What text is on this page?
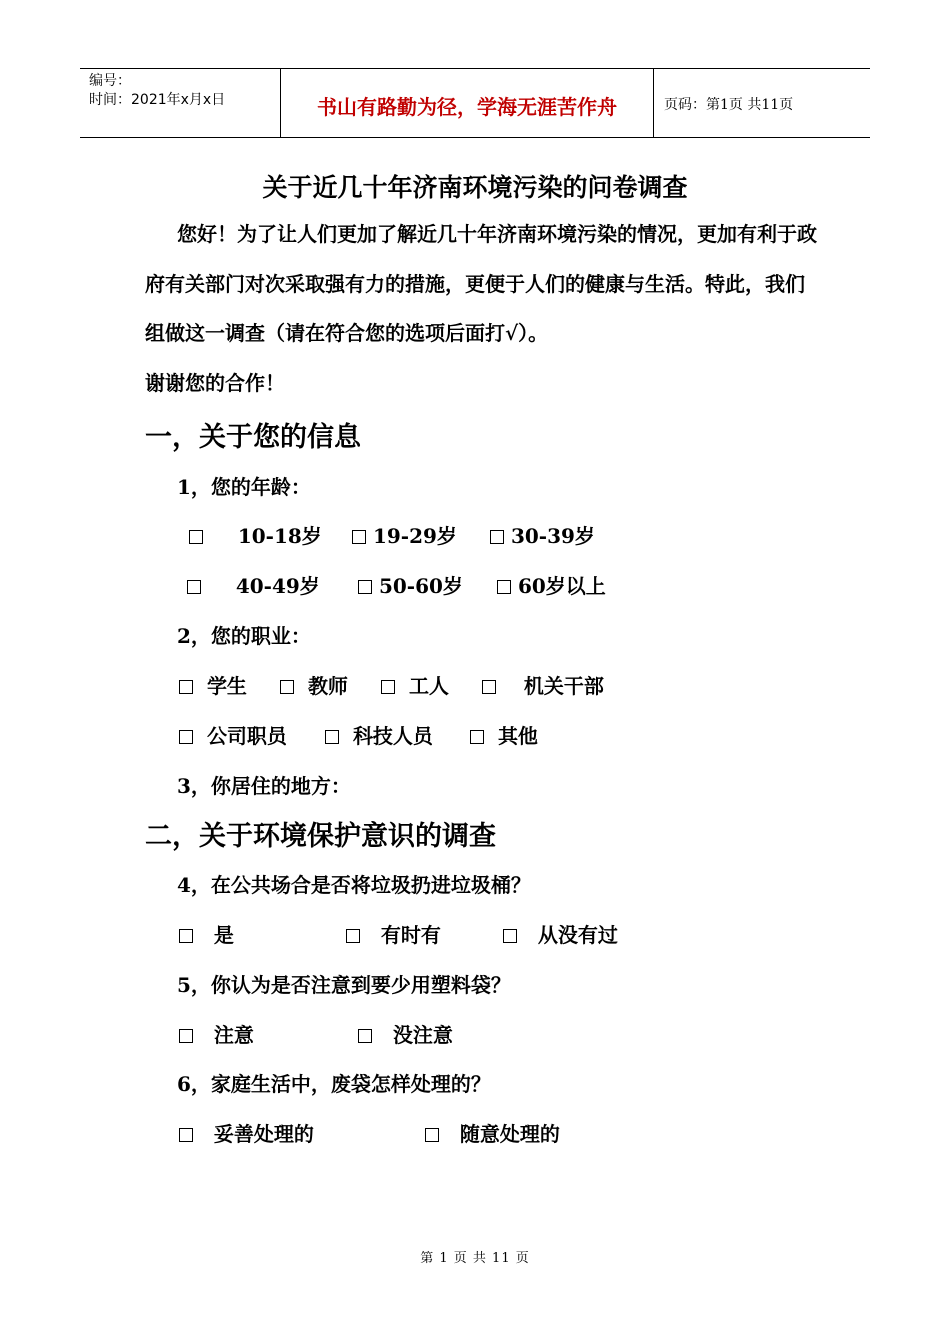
编号：
时间：2021年x月x日	书山有路勤为径，学海无涯苦作舟	页码：第1页 共11页
关于近几十年济南环境污染的问卷调查
您好！为了让人们更加了解近几十年济南环境污染的情况，更加有利于政府有关部门对次采取强有力的措施，更便于人们的健康与生活。特此，我们组做这一调查（请在符合您的选项后面打√）。
谢谢您的合作！
一，关于您的信息
1，您的年龄：
10-18岁	19-29岁	30-39岁
40-49岁	50-60岁	60岁以上
2，您的职业：
学生	教师	工人	机关干部
公司职员	科技人员	其他
3，你居住的地方：
二，关于环境保护意识的调查
4，在公共场合是否将垃圾扔进垃圾桶？
是	有时有	从没有过
5，你认为是否注意到要少用塑料袋？
注意	没注意
6，家庭生活中，废袋怎样处理的？
妥善处理的	随意处理的
第 1 页 共 11 页
